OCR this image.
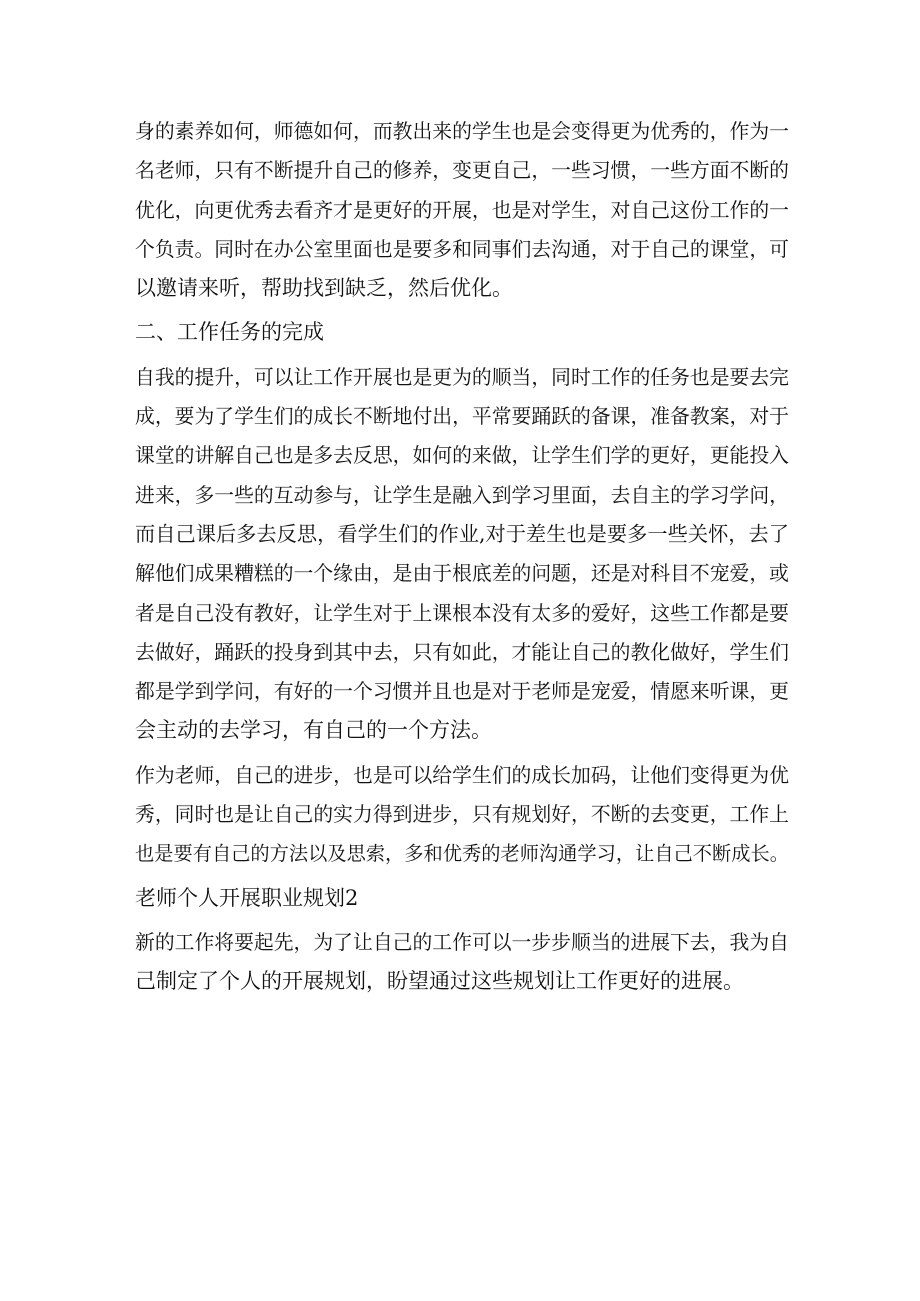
身的素养如何，师德如何，而教出来的学生也是会变得更为优秀的，作为一
名老师，只有不断提升自己的修养，变更自己，一些习惯，一些方面不断的
优化，向更优秀去看齐才是更好的开展，也是对学生，对自己这份工作的一
个负责。同时在办公室里面也是要多和同事们去沟通，对于自己的课堂，可
以邀请来听，帮助找到缺乏，然后优化。
二、工作任务的完成
自我的提升，可以让工作开展也是更为的顺当，同时工作的任务也是要去完
成，要为了学生们的成长不断地付出，平常要踊跃的备课，准备教案，对于
课堂的讲解自己也是多去反思，如何的来做，让学生们学的更好，更能投入
进来，多一些的互动参与，让学生是融入到学习里面，去自主的学习学问，
而自己课后多去反思，看学生们的作业,对于差生也是要多一些关怀，去了
解他们成果糟糕的一个缘由，是由于根底差的问题，还是对科目不宠爱，或
者是自己没有教好，让学生对于上课根本没有太多的爱好，这些工作都是要
去做好，踊跃的投身到其中去，只有如此，才能让自己的教化做好，学生们
都是学到学问，有好的一个习惯并且也是对于老师是宠爱，情愿来听课，更
会主动的去学习，有自己的一个方法。
作为老师，自己的进步，也是可以给学生们的成长加码，让他们变得更为优
秀，同时也是让自己的实力得到进步，只有规划好，不断的去变更，工作上
也是要有自己的方法以及思索，多和优秀的老师沟通学习，让自己不断成长。
老师个人开展职业规划2
新的工作将要起先，为了让自己的工作可以一步步顺当的进展下去，我为自
己制定了个人的开展规划，盼望通过这些规划让工作更好的进展。
